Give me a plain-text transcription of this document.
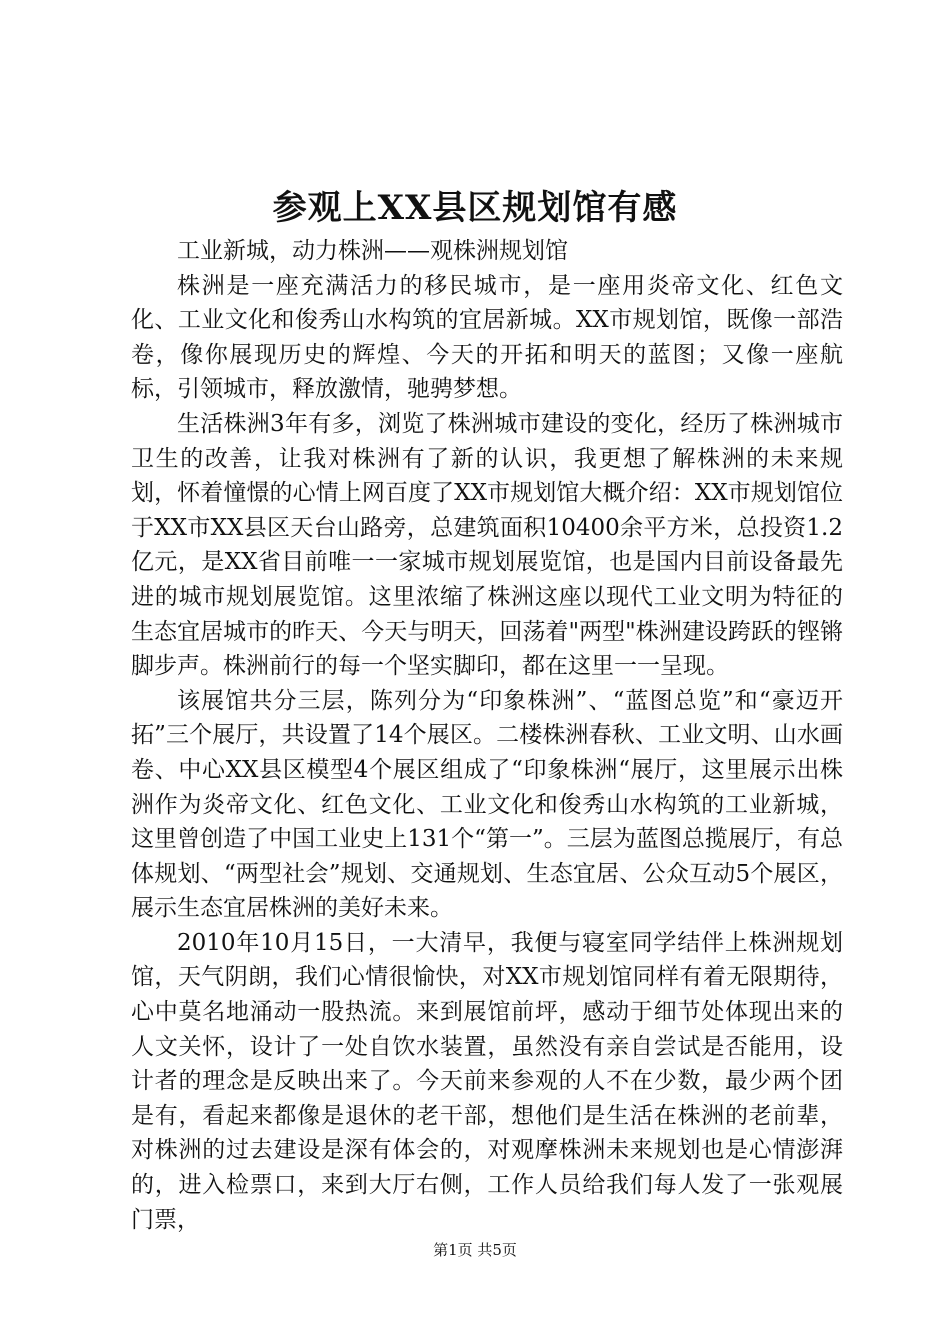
参观上XX县区规划馆有感

工业新城，动力株洲——观株洲规划馆

株洲是一座充满活力的移民城市，是一座用炎帝文化、红色文化、工业文化和俊秀山水构筑的宜居新城。XX市规划馆，既像一部浩卷，像你展现历史的辉煌、今天的开拓和明天的蓝图；又像一座航标，引领城市，释放激情，驰骋梦想。

生活株洲3年有多，浏览了株洲城市建设的变化，经历了株洲城市卫生的改善，让我对株洲有了新的认识，我更想了解株洲的未来规划，怀着憧憬的心情上网百度了XX市规划馆大概介绍：XX市规划馆位于XX市XX县区天台山路旁，总建筑面积10400余平方米，总投资1.2亿元，是XX省目前唯一一家城市规划展览馆，也是国内目前设备最先进的城市规划展览馆。这里浓缩了株洲这座以现代工业文明为特征的生态宜居城市的昨天、今天与明天，回荡着"两型"株洲建设跨跃的铿锵脚步声。株洲前行的每一个坚实脚印，都在这里一一呈现。

该展馆共分三层，陈列分为“印象株洲”、“蓝图总览”和“豪迈开拓”三个展厅，共设置了14个展区。二楼株洲春秋、工业文明、山水画卷、中心XX县区模型4个展区组成了“印象株洲“展厅，这里展示出株洲作为炎帝文化、红色文化、工业文化和俊秀山水构筑的工业新城，这里曾创造了中国工业史上131个“第一”。三层为蓝图总揽展厅，有总体规划、“两型社会”规划、交通规划、生态宜居、公众互动5个展区，展示生态宜居株洲的美好未来。

2010年10月15日，一大清早，我便与寝室同学结伴上株洲规划馆，天气阴朗，我们心情很愉快，对XX市规划馆同样有着无限期待，心中莫名地涌动一股热流。来到展馆前坪，感动于细节处体现出来的人文关怀，设计了一处自饮水装置，虽然没有亲自尝试是否能用，设计者的理念是反映出来了。今天前来参观的人不在少数，最少两个团是有，看起来都像是退休的老干部，想他们是生活在株洲的老前辈，对株洲的过去建设是深有体会的，对观摩株洲未来规划也是心情澎湃的，进入检票口，来到大厅右侧，工作人员给我们每人发了一张观展门票，

第1页 共5页
